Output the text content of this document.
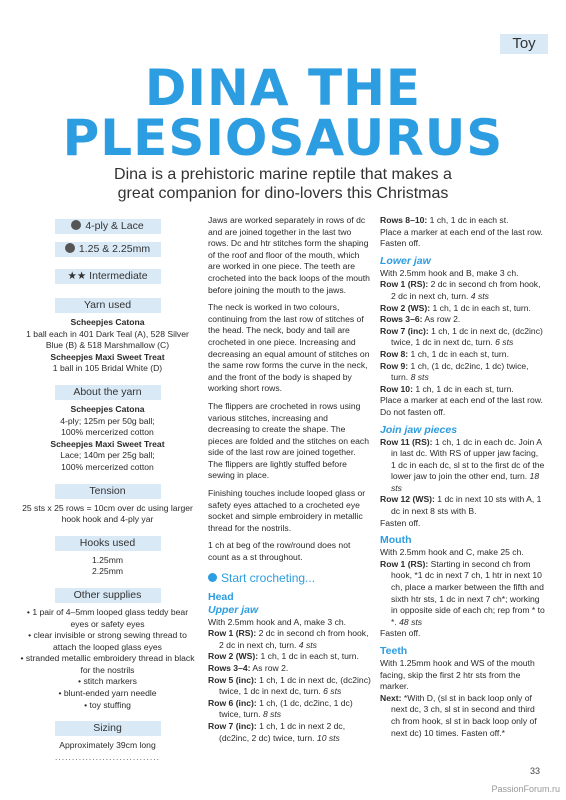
Toy
DINA THE
PLESIOSAURUS
Dina is a prehistoric marine reptile that makes a
great companion for dino-lovers this Christmas
4-ply & Lace
1.25 & 2.25mm
★★ Intermediate
Yarn used

Scheepjes Catona

1 ball each in 401 Dark Teal (A), 528 Silver Blue (B) & 518 Marshmallow (C)

Scheepjes Maxi Sweet Treat

1 ball in 105 Bridal White (D)

About the yarn

Scheepjes Catona

4-ply; 125m per 50g ball;

100% mercerized cotton

Scheepjes Maxi Sweet Treat

Lace; 140m per 25g ball;

100% mercerized cotton

Tension

25 sts x 25 rows = 10cm over dc using larger hook hook and 4-ply yar

Hooks used

1.25mm

2.25mm

Other supplies

• 1 pair of 4–5mm looped glass teddy bear eyes or safety eyes

• clear invisible or strong sewing thread to attach the looped glass eyes

• stranded metallic embroidery thread in black for the nostrils

• stitch markers

• blunt-ended yarn needle

• toy stuffing

Sizing

Approximately 39cm long

...............................

Jaws are worked separately in rows of dc and are joined together in the last two rows. Dc and htr stitches form the shaping of the roof and floor of the mouth, which are worked in one piece. The teeth are crocheted into the back loops of the mouth before joining the mouth to the jaws.

The neck is worked in two colours, continuing from the last row of stitches of the head. The neck, body and tail are crocheted in one piece. Increasing and decreasing an equal amount of stitches on the same row forms the curve in the neck, and the front of the body is shaped by working short rows.

The flippers are crocheted in rows using various stitches, increasing and decreasing to create the shape. The pieces are folded and the stitches on each side of the last row are joined together. The flippers are lightly stuffed before sewing in place.

Finishing touches include looped glass or safety eyes attached to a crocheted eye socket and simple embroidery in metallic thread for the nostrils.

1 ch at beg of the row/round does not count as a st throughout.

Start crocheting...
Head
Upper jaw

With 2.5mm hook and A, make 3 ch.

Row 1 (RS): 2 dc in second ch from hook, 2 dc in next ch, turn. 4 sts

Row 2 (WS): 1 ch, 1 dc in each st, turn.

Rows 3–4: As row 2.

Row 5 (inc): 1 ch, 1 dc in next dc, (dc2inc) twice, 1 dc in next dc, turn. 6 sts

Row 6 (inc): 1 ch, (1 dc, dc2inc, 1 dc) twice, turn. 8 sts

Row 7 (inc): 1 ch, 1 dc in next 2 dc, (dc2inc, 2 dc) twice, turn. 10 sts

Rows 8–10: 1 ch, 1 dc in each st.

Place a marker at each end of the last row.

Fasten off.

Lower jaw

With 2.5mm hook and B, make 3 ch.

Row 1 (RS): 2 dc in second ch from hook, 2 dc in next ch, turn. 4 sts

Row 2 (WS): 1 ch, 1 dc in each st, turn.

Rows 3–6: As row 2.

Row 7 (inc): 1 ch, 1 dc in next dc, (dc2inc) twice, 1 dc in next dc, turn. 6 sts

Row 8: 1 ch, 1 dc in each st, turn.

Row 9: 1 ch, (1 dc, dc2inc, 1 dc) twice, turn. 8 sts

Row 10: 1 ch, 1 dc in each st, turn.

Place a marker at each end of the last row.

Do not fasten off.

Join jaw pieces

Row 11 (RS): 1 ch, 1 dc in each dc. Join A in last dc. With RS of upper jaw facing, 1 dc in each dc, sl st to the first dc of the lower jaw to join the other end, turn. 18 sts

Row 12 (WS): 1 dc in next 10 sts with A, 1 dc in next 8 sts with B.

Fasten off.

Mouth

With 2.5mm hook and C, make 25 ch.

Row 1 (RS): Starting in second ch from hook, *1 dc in next 7 ch, 1 htr in next 10 ch, place a marker between the fifth and sixth htr sts, 1 dc in next 7 ch*; working in opposite side of each ch; rep from * to *. 48 sts

Fasten off.

Teeth

With 1.25mm hook and WS of the mouth facing, skip the first 2 htr sts from the marker.

Next: *With D, (sl st in back loop only of next dc, 3 ch, sl st in second and third ch from hook, sl st in back loop only of next dc) 10 times. Fasten off.*

33
PassionForum.ru
